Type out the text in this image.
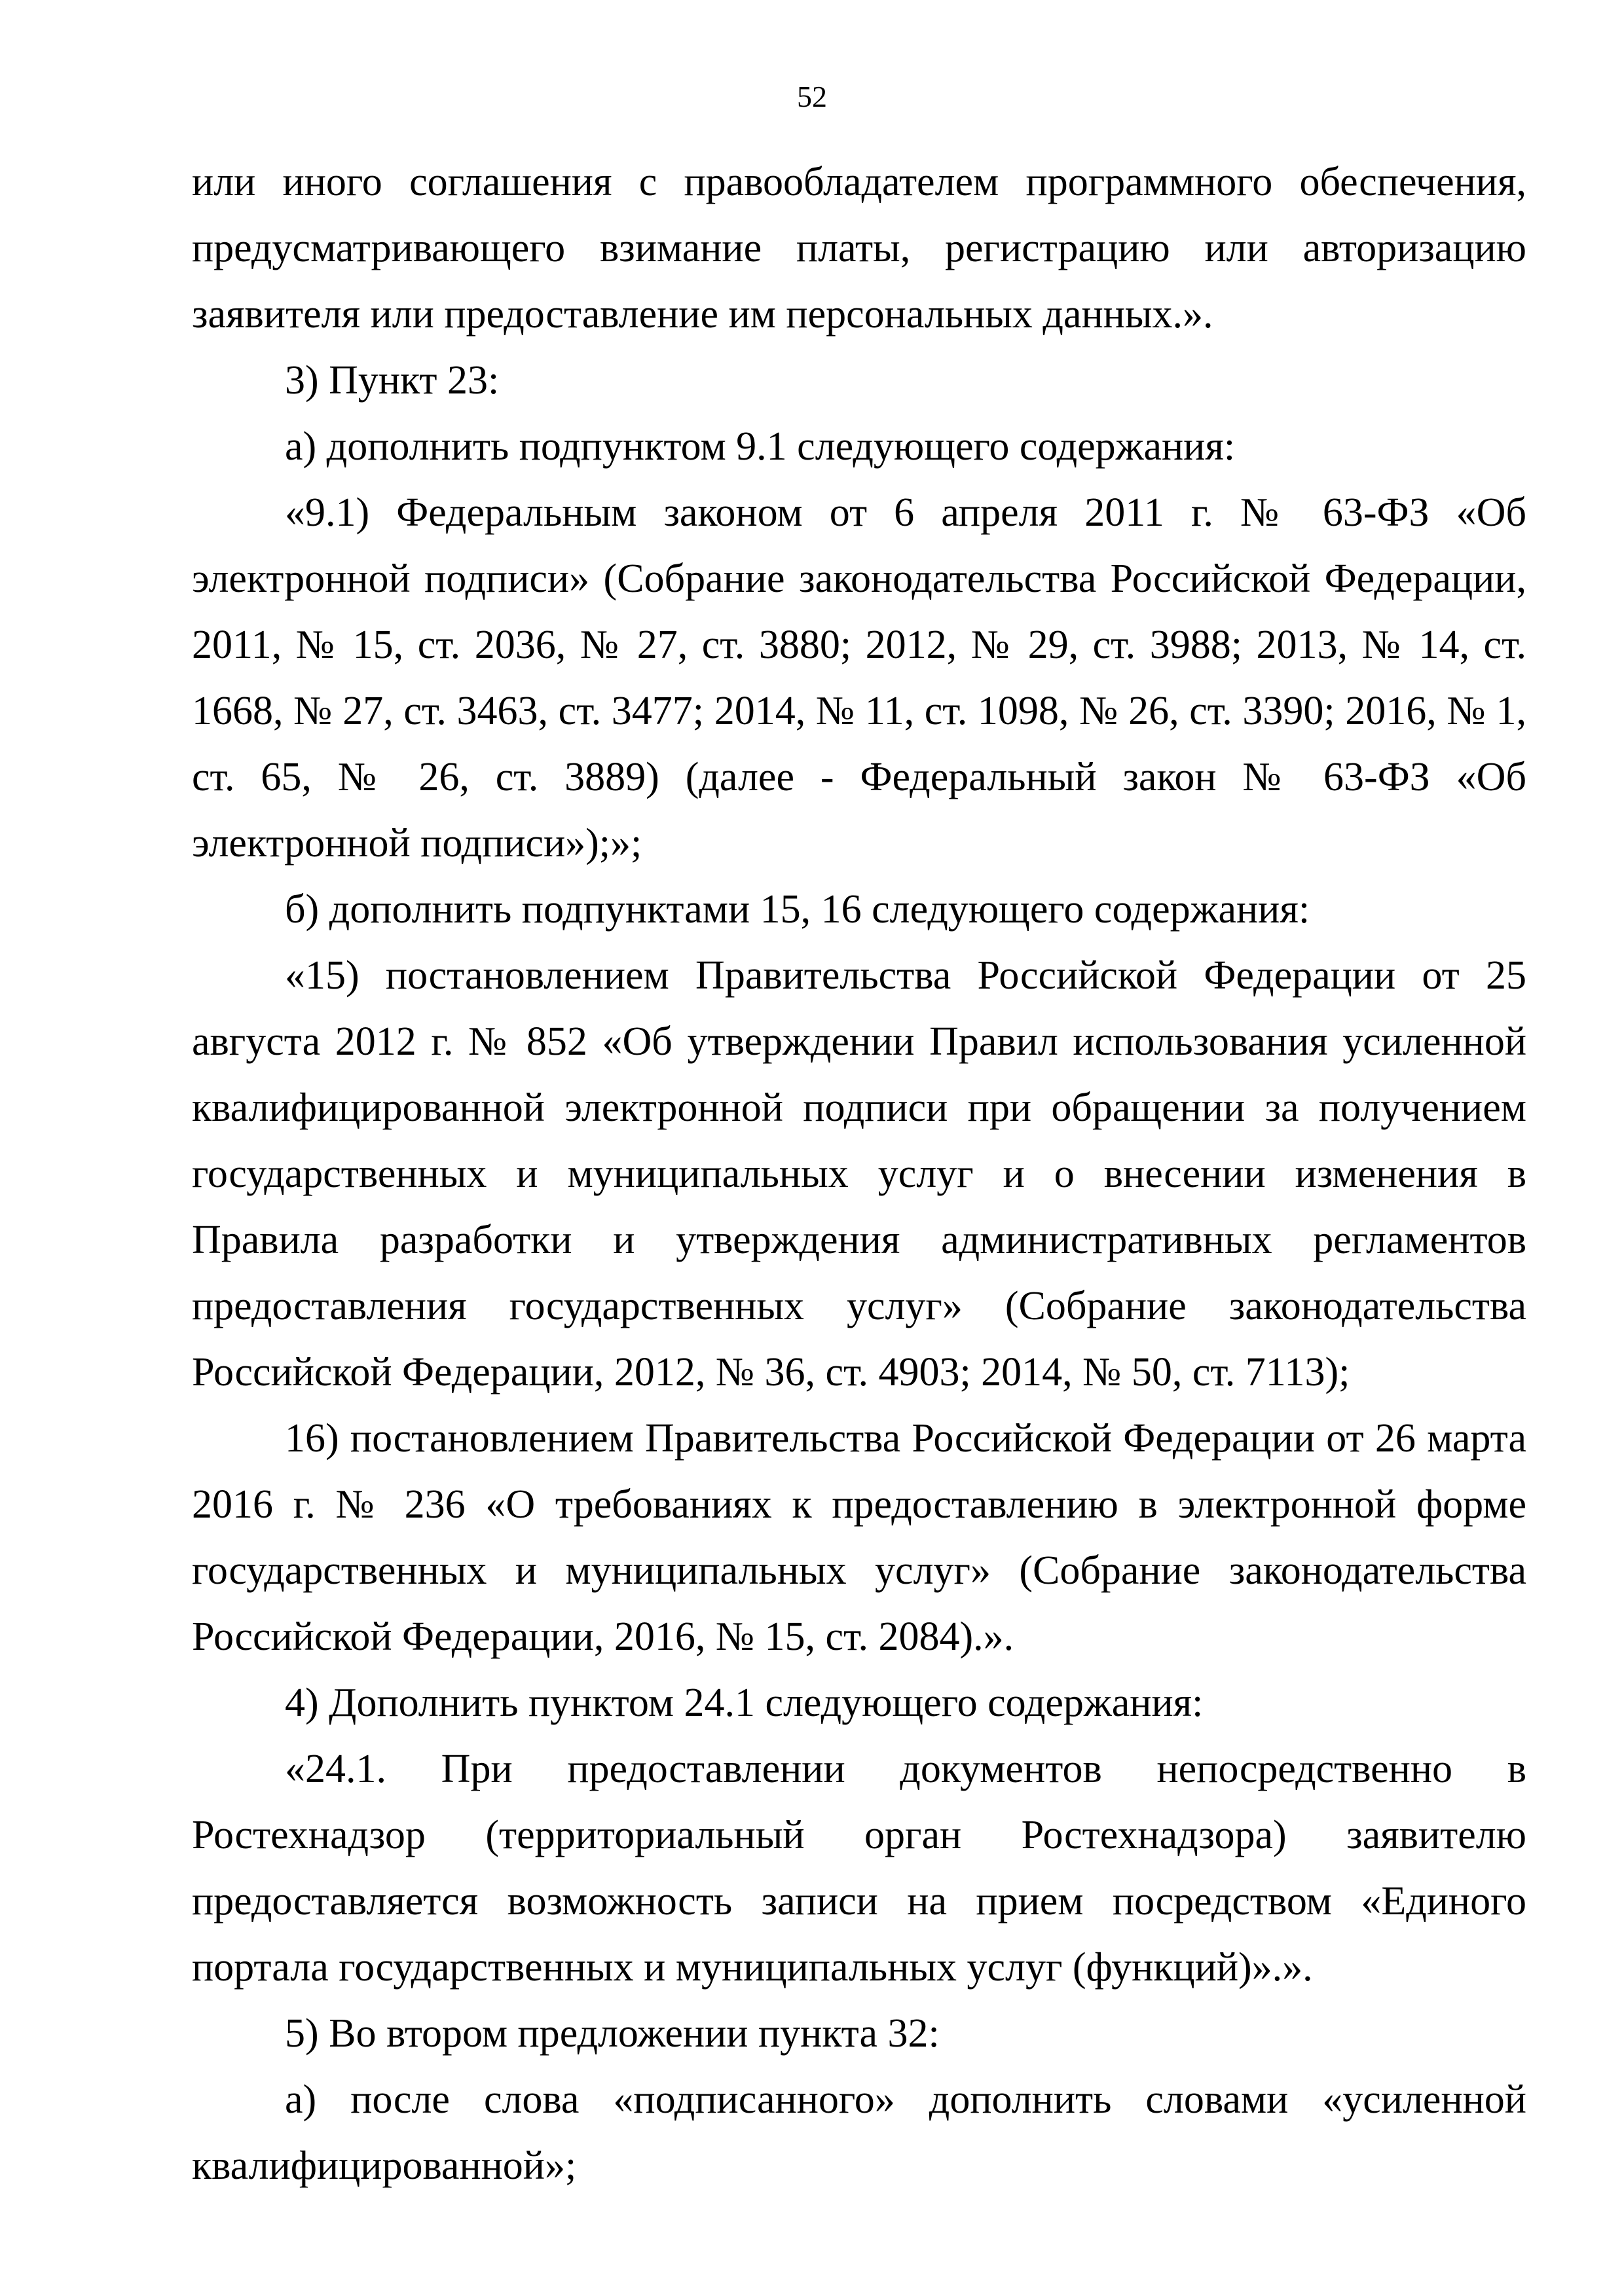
52

или иного соглашения с правообладателем программного обеспечения, предусматривающего взимание платы, регистрацию или авторизацию заявителя или предоставление им персональных данных.».

3) Пункт 23:

а) дополнить подпунктом 9.1 следующего содержания:

«9.1) Федеральным законом от 6 апреля 2011 г. № 63-ФЗ «Об электронной подписи» (Собрание законодательства Российской Федерации, 2011, № 15, ст. 2036, № 27, ст. 3880; 2012, № 29, ст. 3988; 2013, № 14, ст. 1668, № 27, ст. 3463, ст. 3477; 2014, № 11, ст. 1098, № 26, ст. 3390; 2016, № 1, ст. 65, № 26, ст. 3889) (далее - Федеральный закон № 63-ФЗ «Об электронной подписи»);»;

б) дополнить подпунктами 15, 16 следующего содержания:

«15) постановлением Правительства Российской Федерации от 25 августа 2012 г. № 852 «Об утверждении Правил использования усиленной квалифицированной электронной подписи при обращении за получением государственных и муниципальных услуг и о внесении изменения в Правила разработки и утверждения административных регламентов предоставления государственных услуг» (Собрание законодательства Российской Федерации, 2012, № 36, ст. 4903; 2014, № 50, ст. 7113);

16) постановлением Правительства Российской Федерации от 26 марта 2016 г. № 236 «О требованиях к предоставлению в электронной форме государственных и муниципальных услуг» (Собрание законодательства Российской Федерации, 2016, № 15, ст. 2084).».

4) Дополнить пунктом 24.1 следующего содержания:

«24.1. При предоставлении документов непосредственно в Ростехнадзор (территориальный орган Ростехнадзора) заявителю предоставляется возможность записи на прием посредством «Единого портала государственных и муниципальных услуг (функций)».».

5) Во втором предложении пункта 32:

а) после слова «подписанного» дополнить словами «усиленной квалифицированной»;
